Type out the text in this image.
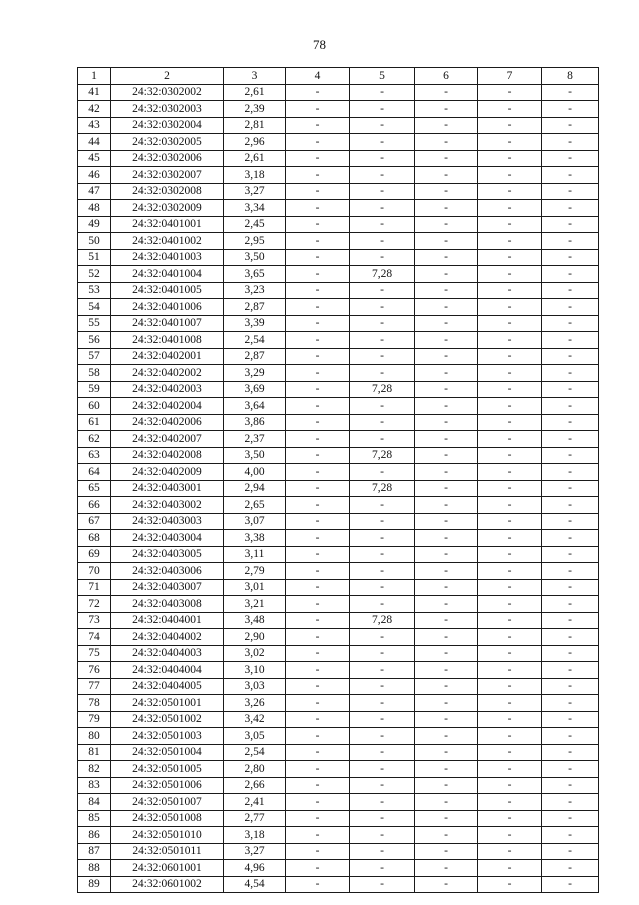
78
1	2	3	4	5	6	7	8
41	24:32:0302002	2,61	-	-	-	-	-
42	24:32:0302003	2,39	-	-	-	-	-
43	24:32:0302004	2,81	-	-	-	-	-
44	24:32:0302005	2,96	-	-	-	-	-
45	24:32:0302006	2,61	-	-	-	-	-
46	24:32:0302007	3,18	-	-	-	-	-
47	24:32:0302008	3,27	-	-	-	-	-
48	24:32:0302009	3,34	-	-	-	-	-
49	24:32:0401001	2,45	-	-	-	-	-
50	24:32:0401002	2,95	-	-	-	-	-
51	24:32:0401003	3,50	-	-	-	-	-
52	24:32:0401004	3,65	-	7,28	-	-	-
53	24:32:0401005	3,23	-	-	-	-	-
54	24:32:0401006	2,87	-	-	-	-	-
55	24:32:0401007	3,39	-	-	-	-	-
56	24:32:0401008	2,54	-	-	-	-	-
57	24:32:0402001	2,87	-	-	-	-	-
58	24:32:0402002	3,29	-	-	-	-	-
59	24:32:0402003	3,69	-	7,28	-	-	-
60	24:32:0402004	3,64	-	-	-	-	-
61	24:32:0402006	3,86	-	-	-	-	-
62	24:32:0402007	2,37	-	-	-	-	-
63	24:32:0402008	3,50	-	7,28	-	-	-
64	24:32:0402009	4,00	-	-	-	-	-
65	24:32:0403001	2,94	-	7,28	-	-	-
66	24:32:0403002	2,65	-	-	-	-	-
67	24:32:0403003	3,07	-	-	-	-	-
68	24:32:0403004	3,38	-	-	-	-	-
69	24:32:0403005	3,11	-	-	-	-	-
70	24:32:0403006	2,79	-	-	-	-	-
71	24:32:0403007	3,01	-	-	-	-	-
72	24:32:0403008	3,21	-	-	-	-	-
73	24:32:0404001	3,48	-	7,28	-	-	-
74	24:32:0404002	2,90	-	-	-	-	-
75	24:32:0404003	3,02	-	-	-	-	-
76	24:32:0404004	3,10	-	-	-	-	-
77	24:32:0404005	3,03	-	-	-	-	-
78	24:32:0501001	3,26	-	-	-	-	-
79	24:32:0501002	3,42	-	-	-	-	-
80	24:32:0501003	3,05	-	-	-	-	-
81	24:32:0501004	2,54	-	-	-	-	-
82	24:32:0501005	2,80	-	-	-	-	-
83	24:32:0501006	2,66	-	-	-	-	-
84	24:32:0501007	2,41	-	-	-	-	-
85	24:32:0501008	2,77	-	-	-	-	-
86	24:32:0501010	3,18	-	-	-	-	-
87	24:32:0501011	3,27	-	-	-	-	-
88	24:32:0601001	4,96	-	-	-	-	-
89	24:32:0601002	4,54	-	-	-	-	-
